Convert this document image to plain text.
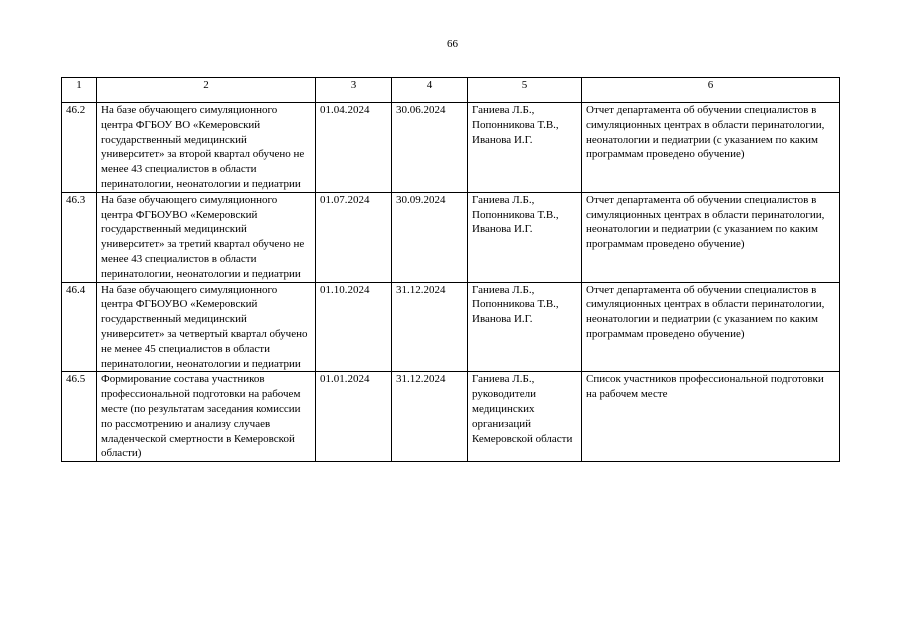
66
1	2	3	4	5	6
46.2	На базе обучающего симуляционного центра ФГБОУ ВО «Кемеровский государственный медицинский университет» за второй квартал обучено не менее 43 специалистов в области перинатологии, неонатологии и педиатрии	01.04.2024	30.06.2024	Ганиева Л.Б., Попонникова Т.В., Иванова И.Г.	Отчет департамента об обучении специалистов в симуляционных центрах в области перинатологии, неонатологии и педиатрии (с указанием по каким программам проведено обучение)
46.3	На базе обучающего симуляционного центра ФГБОУВО «Кемеровский государственный медицинский университет» за третий квартал обучено не менее 43 специалистов в области перинатологии, неонатологии и педиатрии	01.07.2024	30.09.2024	Ганиева Л.Б., Попонникова Т.В., Иванова И.Г.	Отчет департамента об обучении специалистов в симуляционных центрах в области перинатологии, неонатологии и педиатрии (с указанием по каким программам проведено обучение)
46.4	На базе обучающего симуляционного центра ФГБОУВО «Кемеровский государственный медицинский университет» за четвертый квартал обучено не менее 45 специалистов в области перинатологии, неонатологии и педиатрии	01.10.2024	31.12.2024	Ганиева Л.Б., Попонникова Т.В., Иванова И.Г.	Отчет департамента об обучении специалистов в симуляционных центрах в области перинатологии, неонатологии и педиатрии (с указанием по каким программам проведено обучение)
46.5	Формирование состава участников профессиональной подготовки на рабочем месте (по результатам заседания комиссии по рассмотрению и анализу случаев младенческой смертности в Кемеровской области)	01.01.2024	31.12.2024	Ганиева Л.Б., руководители медицинских организаций Кемеровской области	Список участников профессиональной подготовки на рабочем месте
